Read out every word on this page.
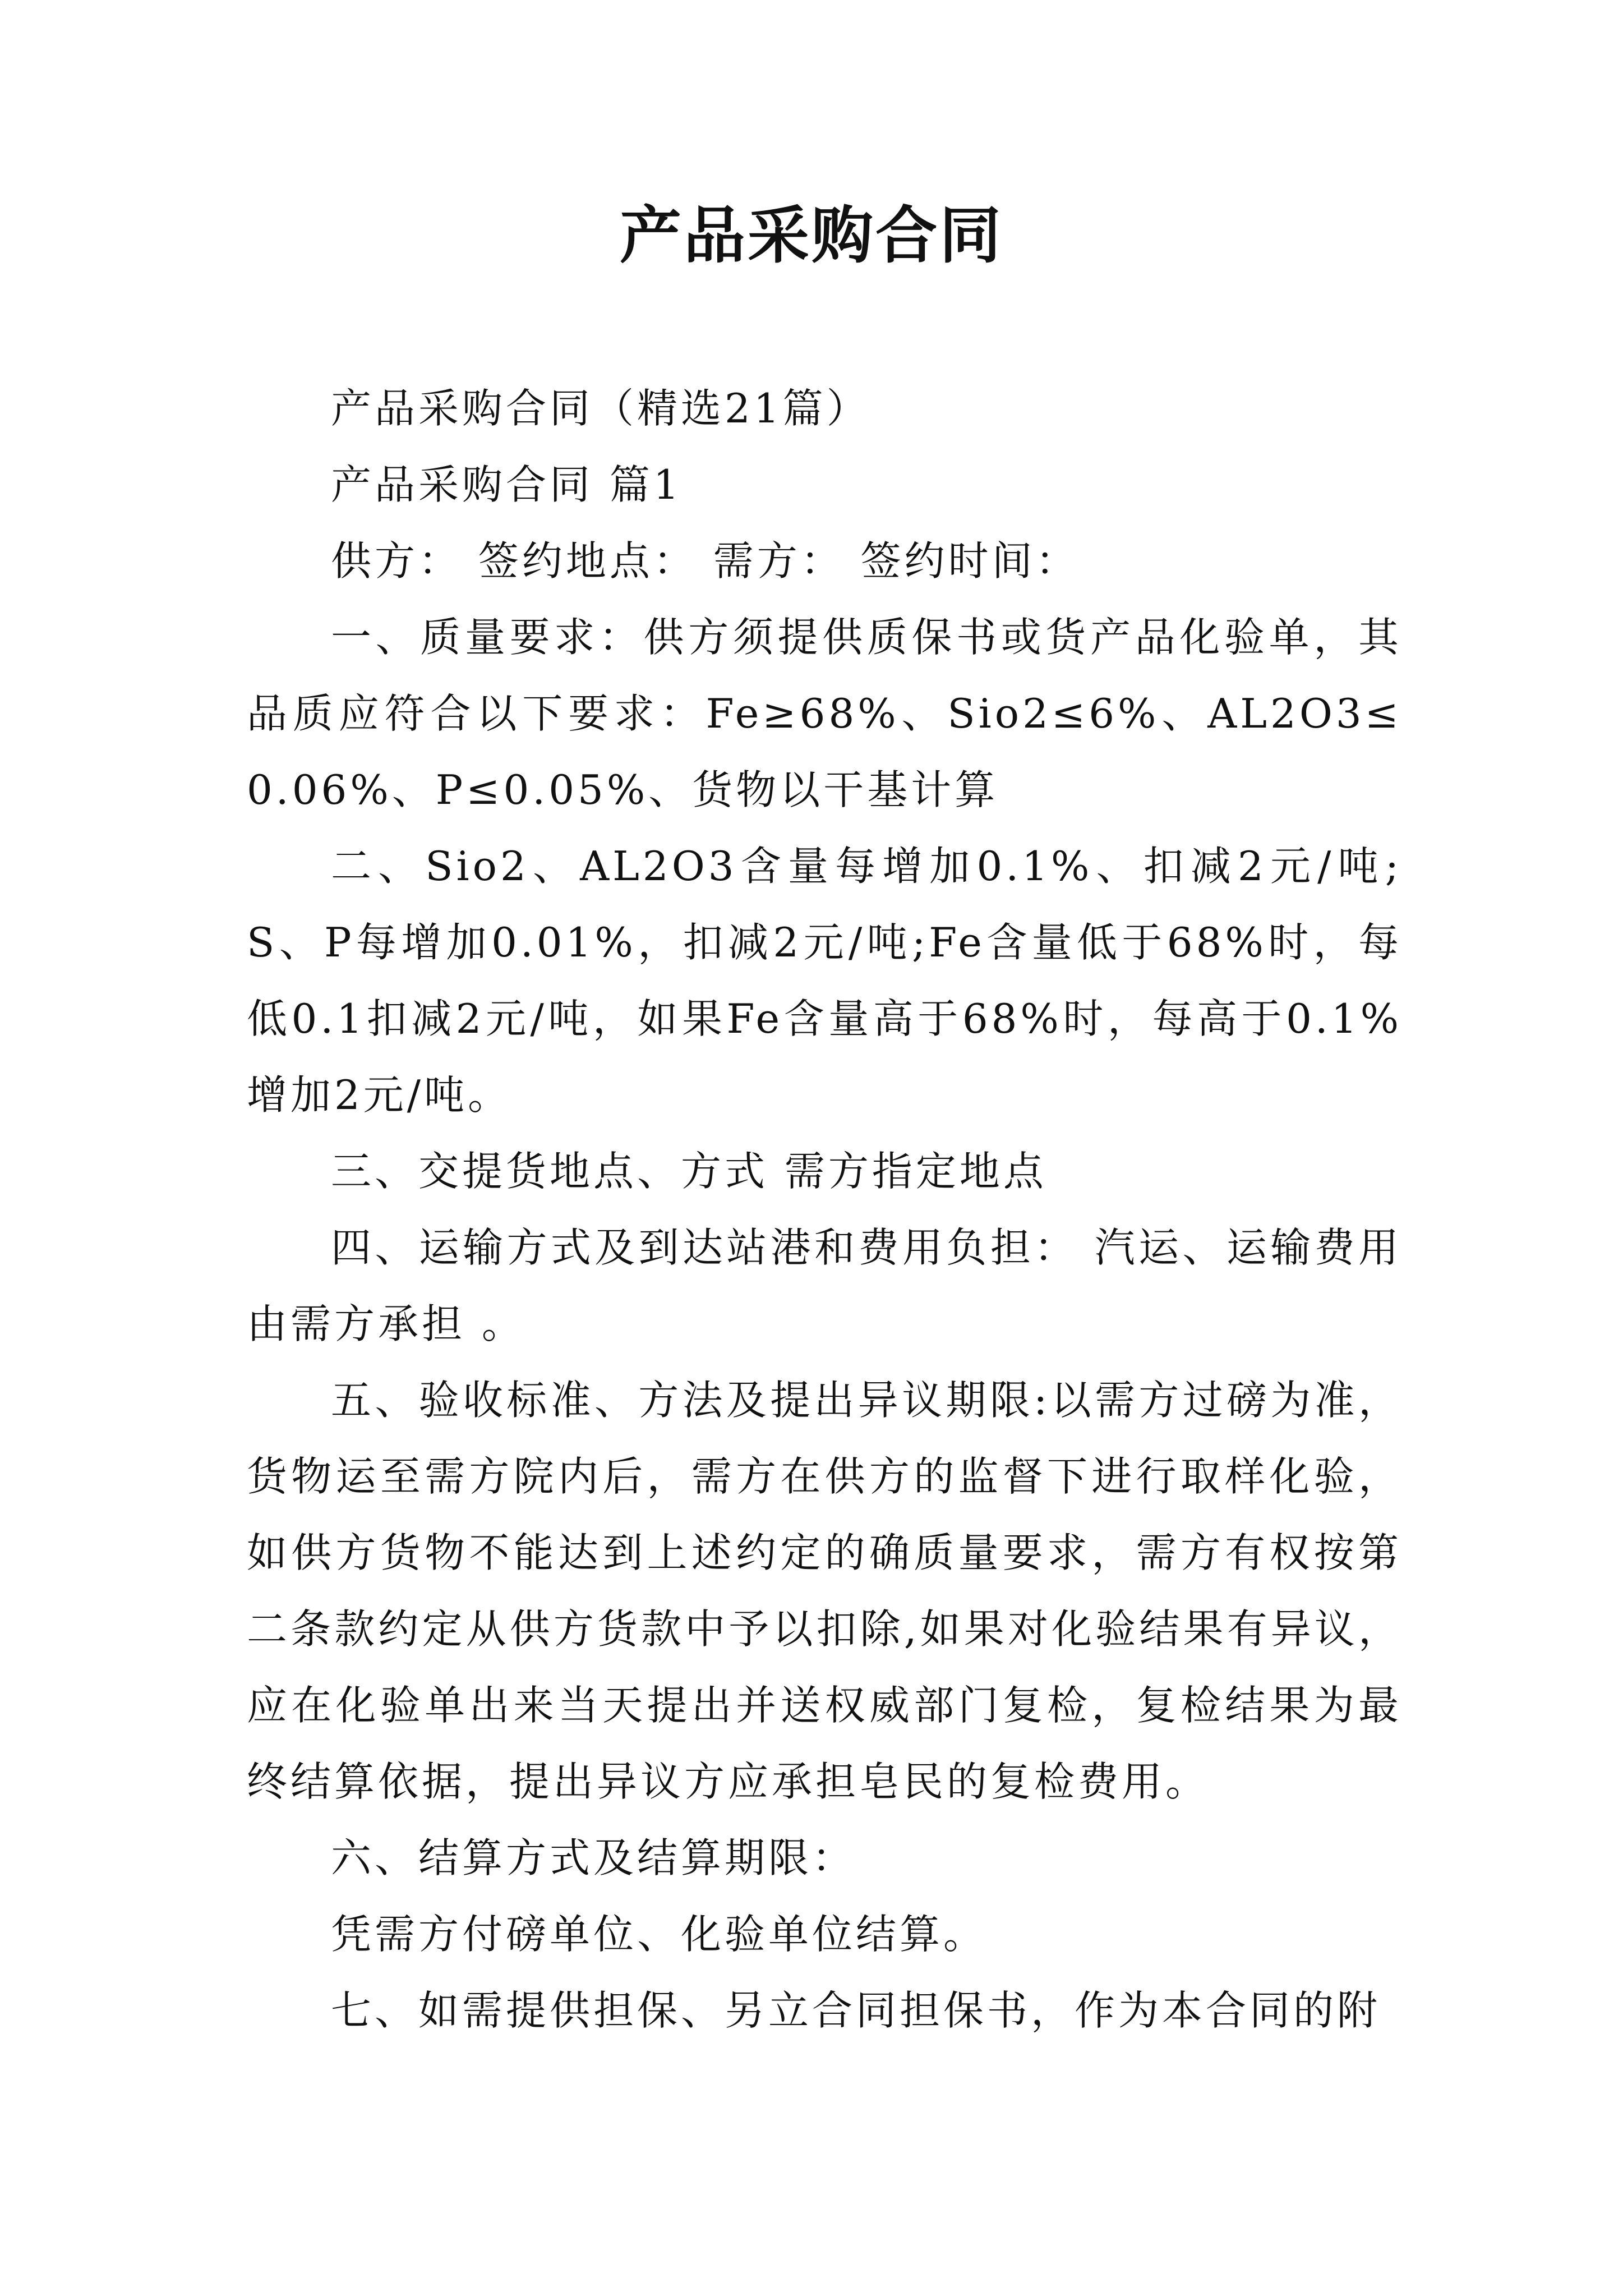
产品采购合同

产品采购合同（精选21篇）

产品采购合同 篇1

供方： 签约地点： 需方： 签约时间：

一、质量要求：供方须提供质保书或货产品化验单，其品质应符合以下要求：Fe≥68%、Sio2≤6%、AL2O3≤0.06%、P≤0.05%、货物以干基计算

二、Sio2、AL2O3含量每增加0.1%、扣减2元/吨;S、P每增加0.01%，扣减2元/吨;Fe含量低于68%时，每低0.1扣减2元/吨，如果Fe含量高于68%时，每高于0.1%增加2元/吨。

三、交提货地点、方式 需方指定地点

四、运输方式及到达站港和费用负担： 汽运、运输费用由需方承担 。

五、验收标准、方法及提出异议期限:以需方过磅为准，货物运至需方院内后，需方在供方的监督下进行取样化验，如供方货物不能达到上述约定的确质量要求，需方有权按第二条款约定从供方货款中予以扣除,如果对化验结果有异议，应在化验单出来当天提出并送权威部门复检，复检结果为最终结算依据，提出异议方应承担皂民的复检费用。

六、结算方式及结算期限：

凭需方付磅单位、化验单位结算。

七、如需提供担保、另立合同担保书，作为本合同的附
